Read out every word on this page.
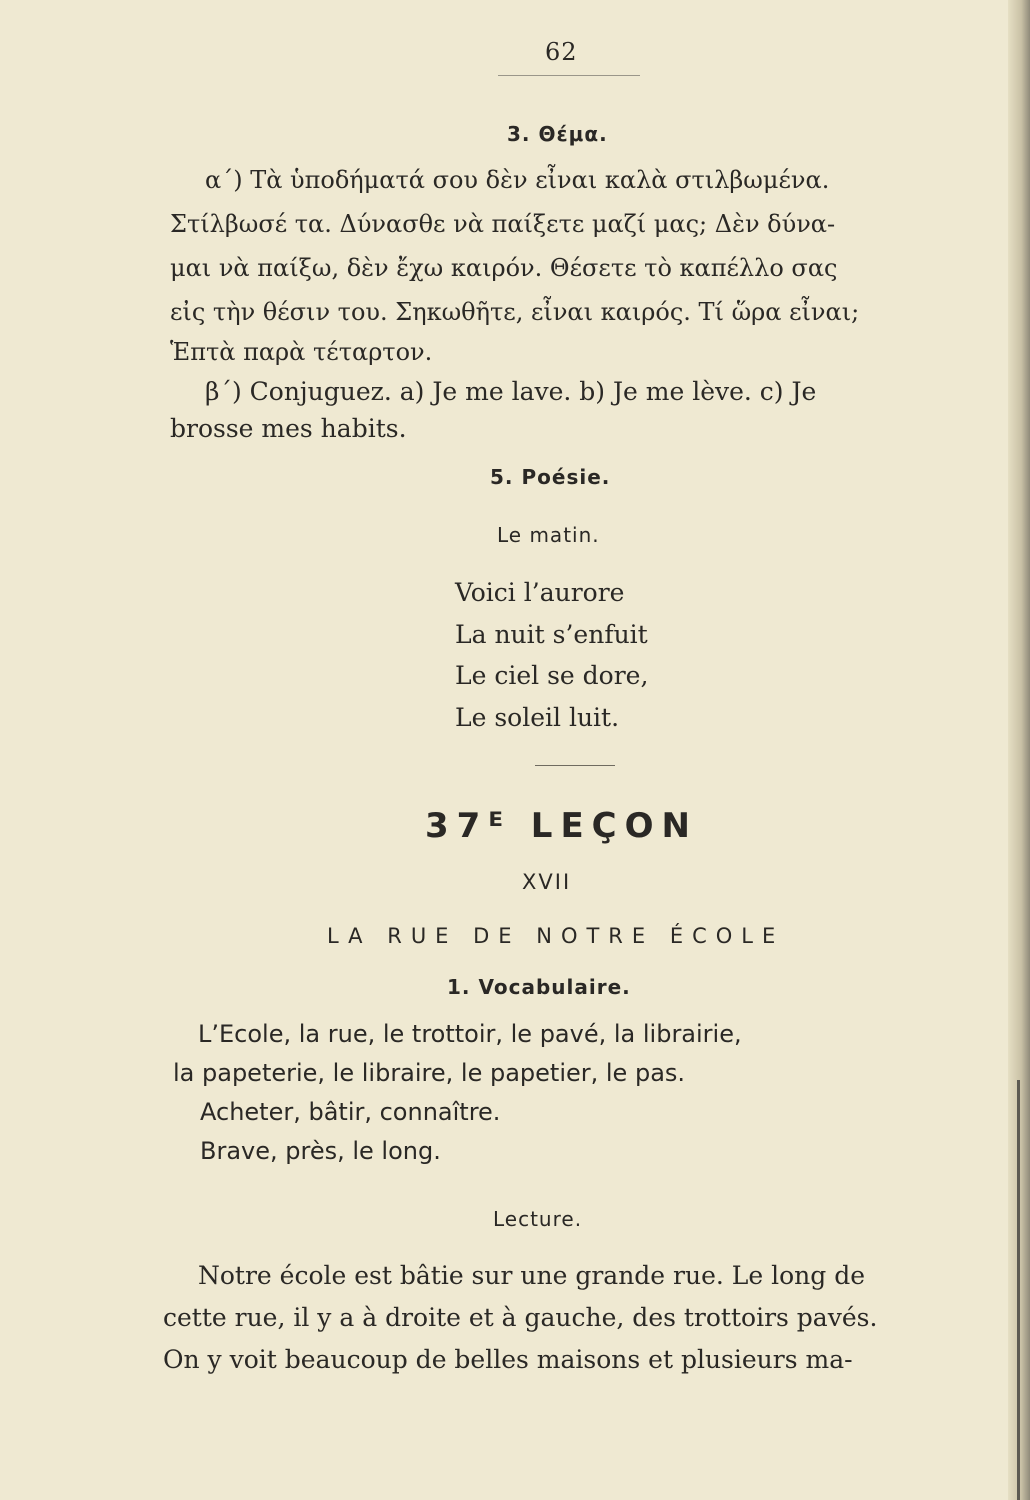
62
3. Θέμα.
α΄) Τὰ ὑποδήματά σου δὲν εἶναι καλὰ στιλβωμένα.
Στίλβωσέ τα. Δύνασθε νὰ παίξετε μαζί μας; Δὲν δύνα-
μαι νὰ παίξω, δὲν ἔχω καιρόν. Θέσετε τὸ καπέλλο σας
εἰς τὴν θέσιν του. Σηκωθῆτε, εἶναι καιρός. Τί ὥρα εἶναι;
Ἑπτὰ παρὰ τέταρτον.
β΄) Conjuguez. a) Je me lave. b) Je me lève. c) Je
brosse mes habits.
5. Poésie.
Le matin.
Voici l’aurore
La nuit s’enfuit
Le ciel se dore,
Le soleil luit.
37ᴱ LEÇON
XVII
LA RUE DE NOTRE ÉCOLE
1. Vocabulaire.
L’Ecole, la rue, le trottoir, le pavé, la librairie,
la papeterie, le libraire, le papetier, le pas.
Acheter, bâtir, connaître.
Brave, près, le long.
Lecture.
Notre école est bâtie sur une grande rue. Le long de
cette rue, il y a à droite et à gauche, des trottoirs pavés.
On y voit beaucoup de belles maisons et plusieurs ma-
